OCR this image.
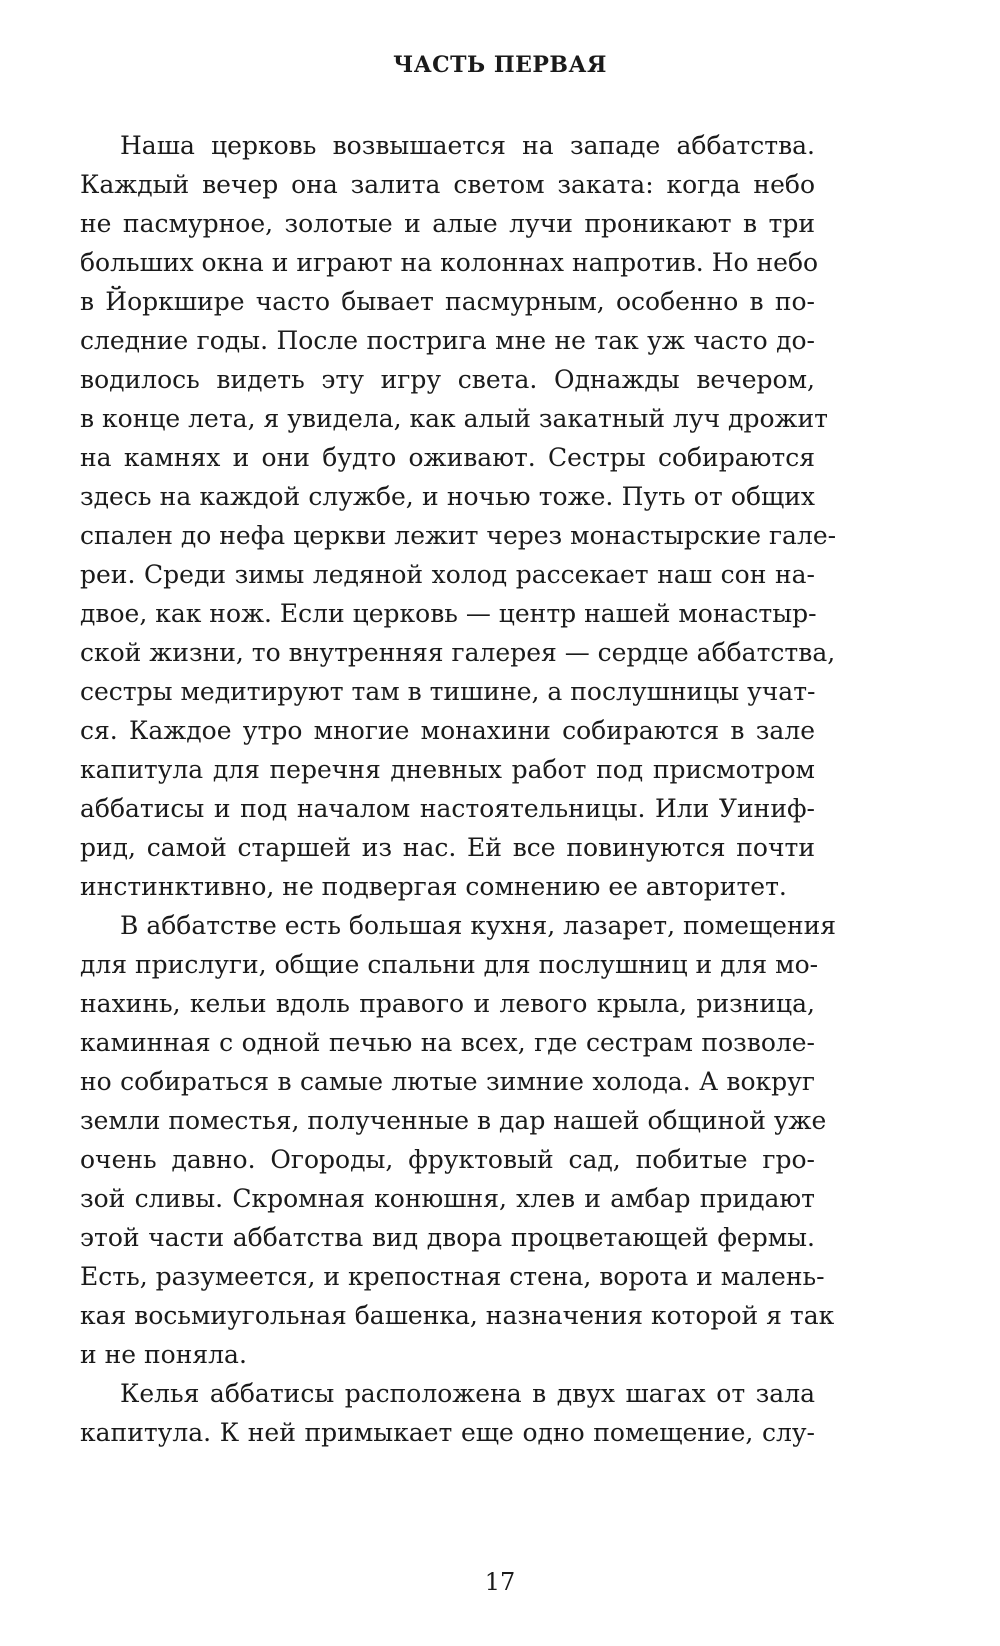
ЧАСТЬ ПЕРВАЯ
Наша церковь возвышается на западе аббатства.
Каждый вечер она залита светом заката: когда небо
не пасмурное, золотые и алые лучи проникают в три
больших окна и играют на колоннах напротив. Но небо
в Йоркшире часто бывает пасмурным, особенно в по-
следние годы. После пострига мне не так уж часто до-
водилось видеть эту игру света. Однажды вечером,
в конце лета, я увидела, как алый закатный луч дрожит
на камнях и они будто оживают. Сестры собираются
здесь на каждой службе, и ночью тоже. Путь от общих
спален до нефа церкви лежит через монастырские гале-
реи. Среди зимы ледяной холод рассекает наш сон на-
двое, как нож. Если церковь — центр нашей монастыр-
ской жизни, то внутренняя галерея — сердце аббатства,
сестры медитируют там в тишине, а послушницы учат-
ся. Каждое утро многие монахини собираются в зале
капитула для перечня дневных работ под присмотром
аббатисы и под началом настоятельницы. Или Уиниф-
рид, самой старшей из нас. Ей все повинуются почти
инстинктивно, не подвергая сомнению ее авторитет.
В аббатстве есть большая кухня, лазарет, помещения
для прислуги, общие спальни для послушниц и для мо-
нахинь, кельи вдоль правого и левого крыла, ризница,
каминная с одной печью на всех, где сестрам позволе-
но собираться в самые лютые зимние холода. А вокруг
земли поместья, полученные в дар нашей общиной уже
очень давно. Огороды, фруктовый сад, побитые гро-
зой сливы. Скромная конюшня, хлев и амбар придают
этой части аббатства вид двора процветающей фермы.
Есть, разумеется, и крепостная стена, ворота и малень-
кая восьмиугольная башенка, назначения которой я так
и не поняла.
Келья аббатисы расположена в двух шагах от зала
капитула. К ней примыкает еще одно помещение, слу-
17
